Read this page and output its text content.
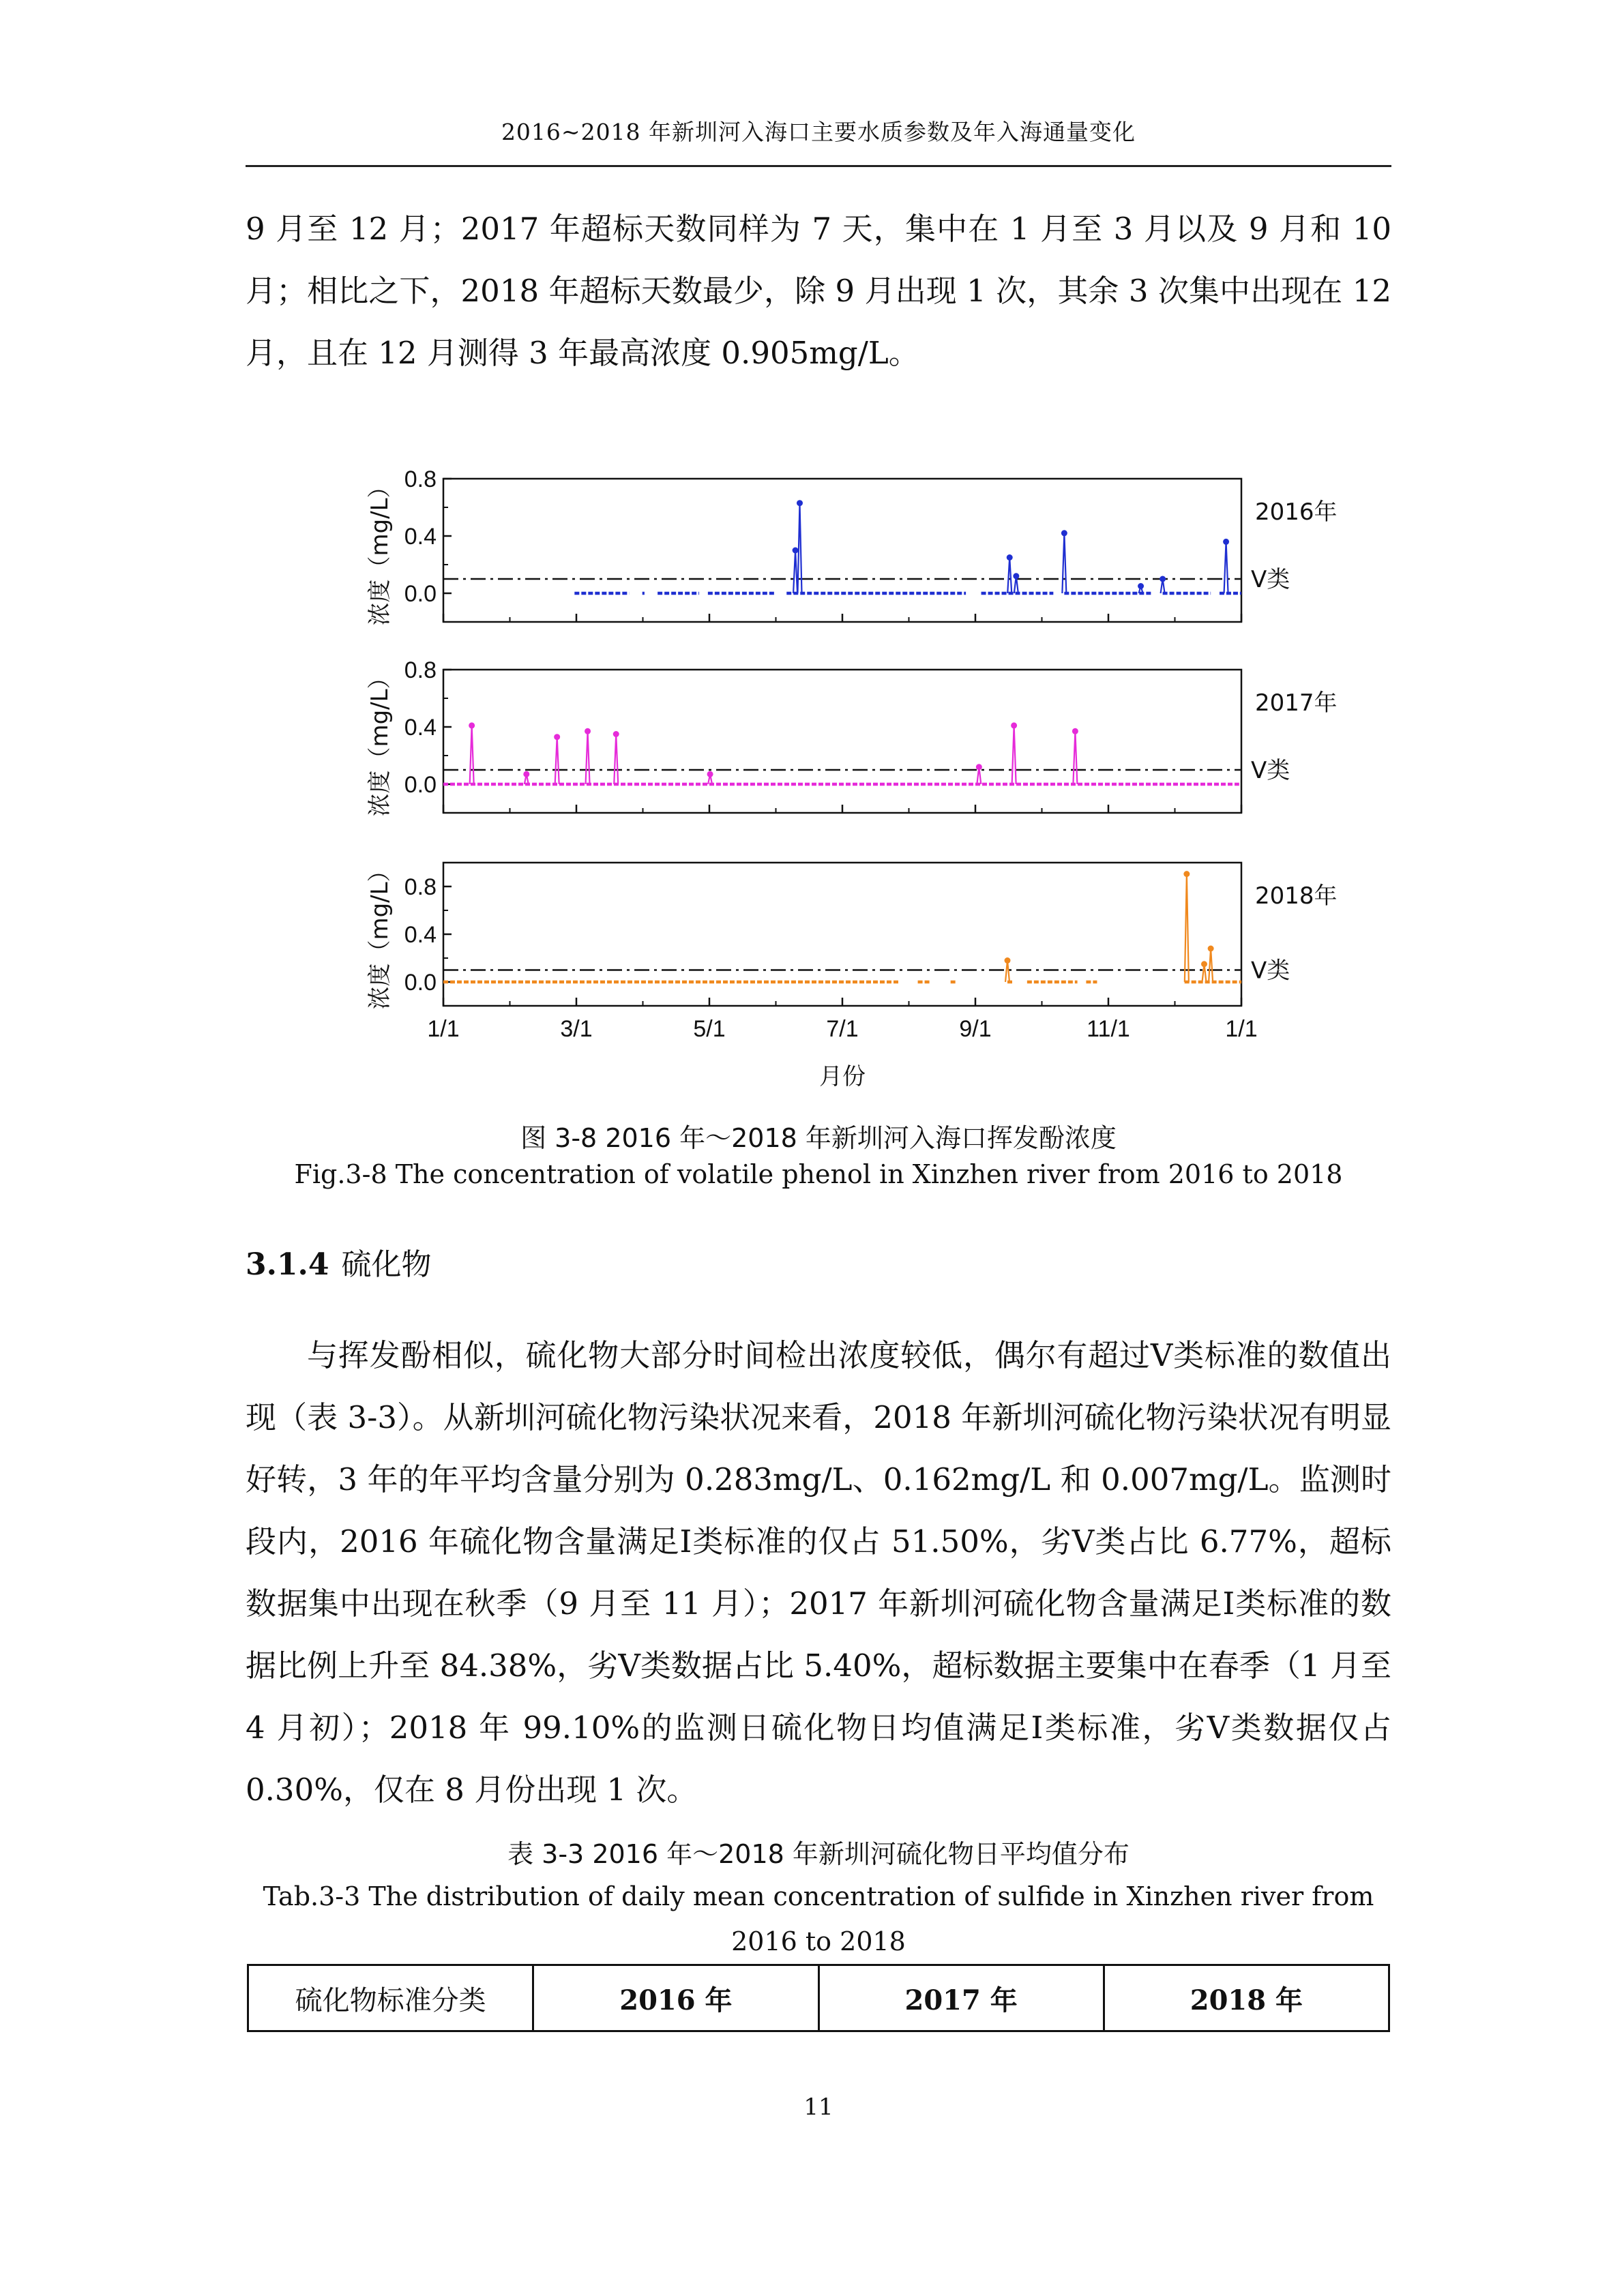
2016~2018 年新圳河入海口主要水质参数及年入海通量变化

9 月至 12 月；2017 年超标天数同样为 7 天，集中在 1 月至 3 月以及 9 月和 10 月；相比之下，2018 年超标天数最少，除 9 月出现 1 次，其余 3 次集中出现在 12 月，且在 12 月测得 3 年最高浓度 0.905mg/L。

0.0
0.4
0.8
Ⅴ类
2016年
浓度（mg/L）
0.0
0.4
0.8
Ⅴ类
2017年
浓度（mg/L）
0.0
0.4
0.8
1/1	3/1	5/1	7/1	9/1	11/1	1/1
Ⅴ类
2018年
浓度（mg/L）
月份
图 3-8 2016 年～2018 年新圳河入海口挥发酚浓度
Fig.3-8 The concentration of volatile phenol in Xinzhen river from 2016 to 2018
3.1.4 硫化物

与挥发酚相似，硫化物大部分时间检出浓度较低，偶尔有超过Ⅴ类标准的数值出现（表 3-3）。从新圳河硫化物污染状况来看，2018 年新圳河硫化物污染状况有明显好转，3 年的年平均含量分别为 0.283mg/L、0.162mg/L 和 0.007mg/L。监测时段内，2016 年硫化物含量满足Ⅰ类标准的仅占 51.50%，劣Ⅴ类占比 6.77%，超标数据集中出现在秋季（9 月至 11 月）；2017 年新圳河硫化物含量满足Ⅰ类标准的数据比例上升至 84.38%，劣Ⅴ类数据占比 5.40%，超标数据主要集中在春季（1 月至 4 月初）；2018 年 99.10%的监测日硫化物日均值满足Ⅰ类标准，劣Ⅴ类数据仅占 0.30%，仅在 8 月份出现 1 次。

表 3-3 2016 年～2018 年新圳河硫化物日平均值分布
Tab.3-3 The distribution of daily mean concentration of sulfide in Xinzhen river from 2016 to 2018
硫化物标准分类	2016 年	2017 年	2018 年
11
